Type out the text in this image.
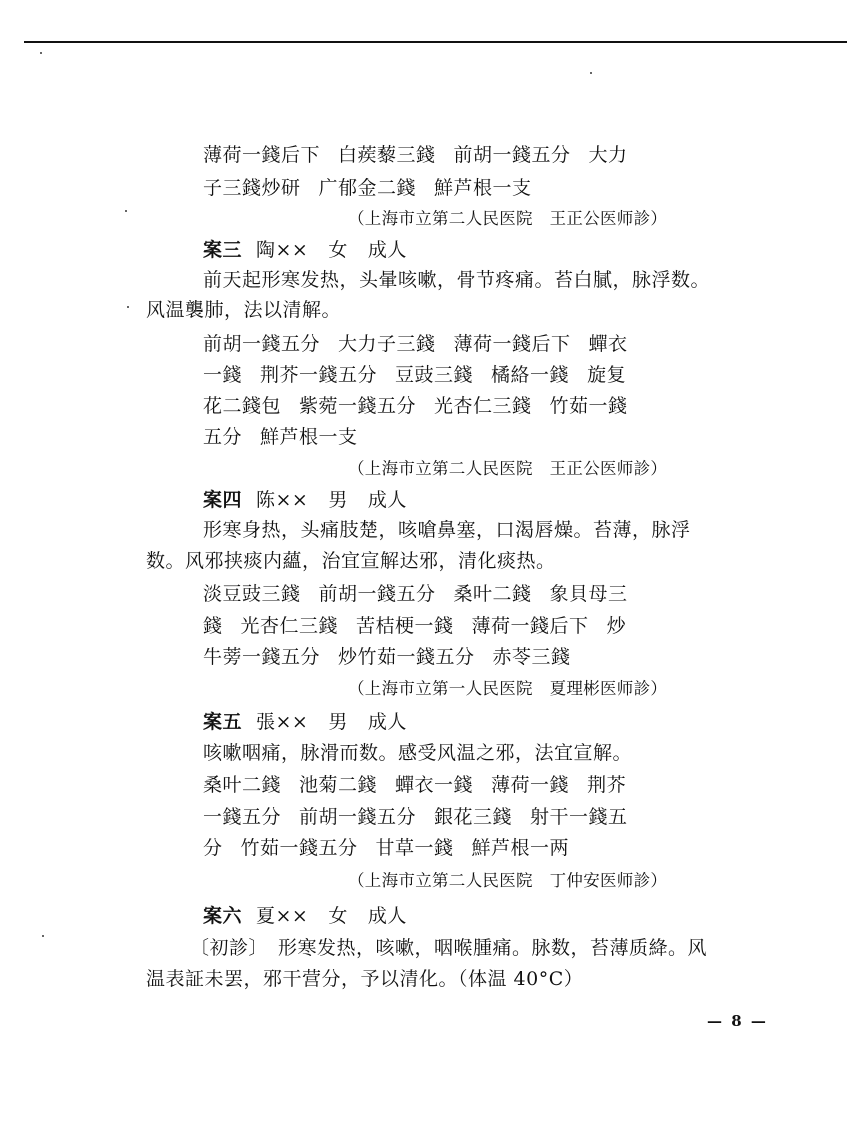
薄荷一錢后下 白蒺藜三錢 前胡一錢五分 大力
子三錢炒研 广郁金二錢 鮮芦根一支
（上海市立第二人民医院　王正公医师診）
案三 陶×× 女 成人
前天起形寒发热，头暈咳嗽，骨节疼痛。苔白膩，脉浮数。
风温襲肺，法以清解。
前胡一錢五分 大力子三錢 薄荷一錢后下 蟬衣
一錢 荆芥一錢五分 豆豉三錢 橘絡一錢 旋复
花二錢包 紫菀一錢五分 光杏仁三錢 竹茹一錢
五分 鮮芦根一支
（上海市立第二人民医院　王正公医师診）
案四 陈×× 男 成人
形寒身热，头痛肢楚，咳嗆鼻塞，口渴唇燥。苔薄，脉浮
数。风邪挟痰内蘊，治宜宣解达邪，清化痰热。
淡豆豉三錢 前胡一錢五分 桑叶二錢 象貝母三
錢 光杏仁三錢 苦桔梗一錢 薄荷一錢后下 炒
牛蒡一錢五分 炒竹茹一錢五分 赤苓三錢
（上海市立第一人民医院　夏理彬医师診）
案五 張×× 男 成人
咳嗽咽痛，脉滑而数。感受风温之邪，法宜宣解。
桑叶二錢 池菊二錢 蟬衣一錢 薄荷一錢 荆芥
一錢五分 前胡一錢五分 銀花三錢 射干一錢五
分 竹茹一錢五分 甘草一錢 鮮芦根一两
（上海市立第二人民医院　丁仲安医师診）
案六 夏×× 女 成人
〔初診〕　形寒发热，咳嗽，咽喉腫痛。脉数，苔薄质絳。风
温表証未罢，邪干营分，予以清化。（体温 40°C）
— 8 —
